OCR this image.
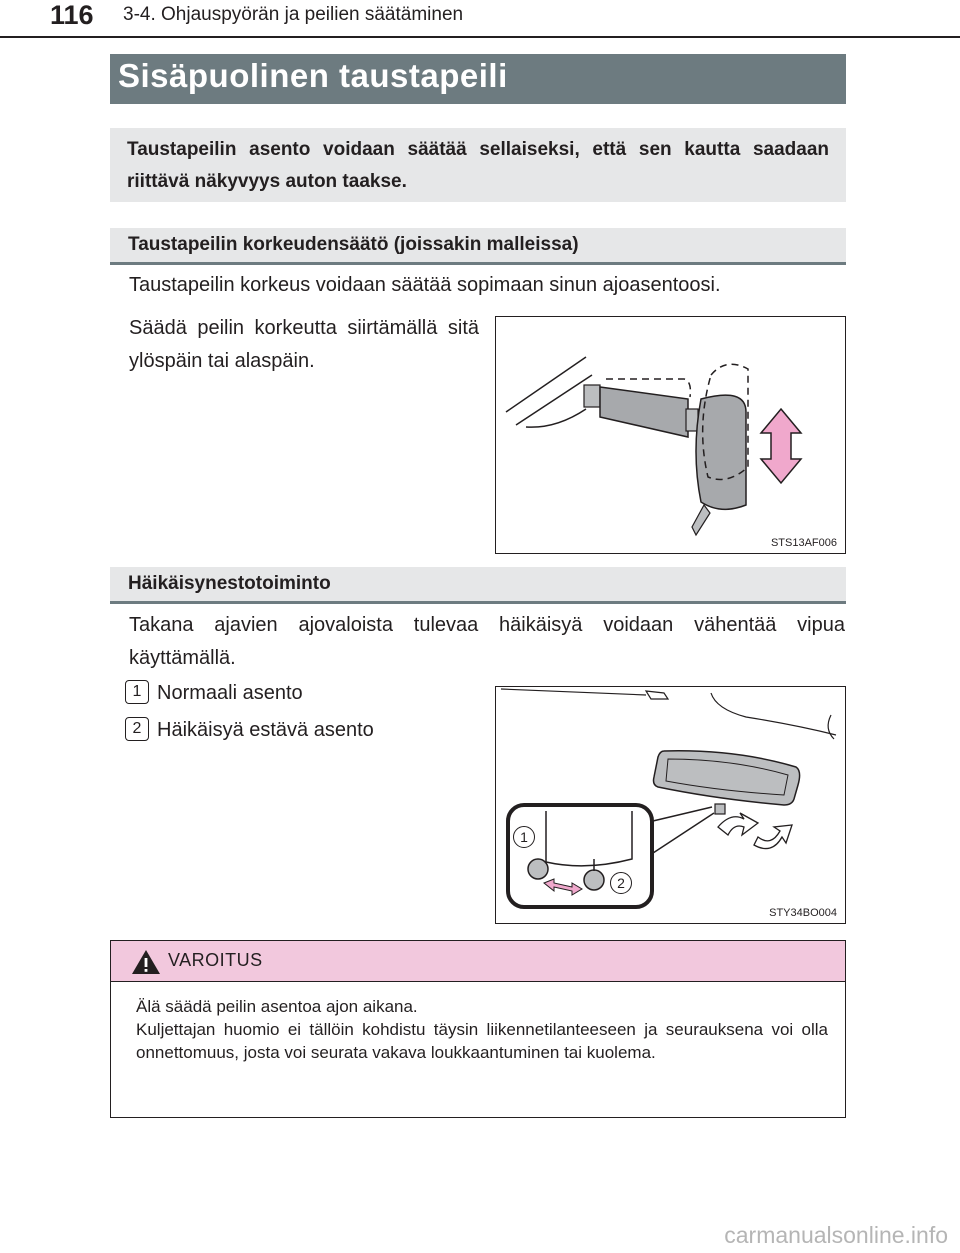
116 3-4. Ohjauspyörän ja peilien säätäminen
Sisäpuolinen taustapeili
Taustapeilin asento voidaan säätää sellaiseksi, että sen kautta saadaan riittävä näkyvyys auton taakse.
Taustapeilin korkeudensäätö (joissakin malleissa)
Taustapeilin korkeus voidaan säätää sopimaan sinun ajoasentoosi.
Säädä peilin korkeutta siirtämällä sitä ylöspäin tai alaspäin.
STS13AF006
Häikäisynestotoiminto
Takana ajavien ajovaloista tulevaa häikäisyä voidaan vähentää vipua käyttämällä.
1 Normaali asento
2 Häikäisyä estävä asento
1
2
STY34BO004
VAROITUS

Älä säädä peilin asentoa ajon aikana.

Kuljettajan huomio ei tällöin kohdistu täysin liikennetilanteeseen ja seurauksena voi olla onnettomuus, josta voi seurata vakava loukkaantuminen tai kuolema.

carmanualsonline.info
